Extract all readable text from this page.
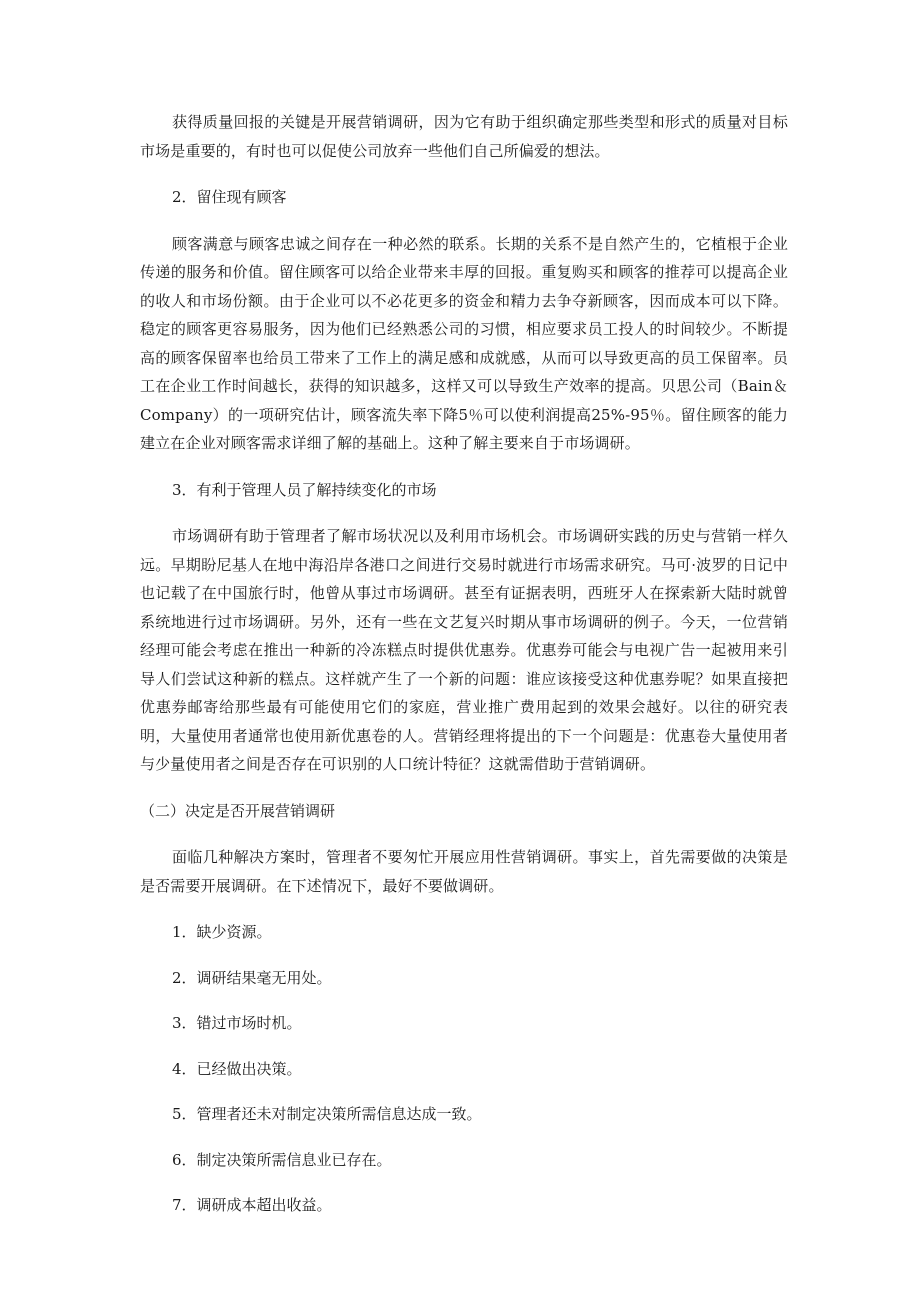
获得质量回报的关键是开展营销调研，因为它有助于组织确定那些类型和形式的质量对目标市场是重要的，有时也可以促使公司放弃一些他们自己所偏爱的想法。

2．留住现有顾客

顾客满意与顾客忠诚之间存在一种必然的联系。长期的关系不是自然产生的，它植根于企业传递的服务和价值。留住顾客可以给企业带来丰厚的回报。重复购买和顾客的推荐可以提高企业的收人和市场份额。由于企业可以不必花更多的资金和精力去争夺新顾客，因而成本可以下降。稳定的顾客更容易服务，因为他们已经熟悉公司的习惯，相应要求员工投人的时间较少。不断提高的顾客保留率也给员工带来了工作上的满足感和成就感，从而可以导致更高的员工保留率。员工在企业工作时间越长，获得的知识越多，这样又可以导致生产效率的提高。贝思公司（Bain＆Company）的一项研究估计，顾客流失率下降5％可以使利润提高25%-95％。留住顾客的能力建立在企业对顾客需求详细了解的基础上。这种了解主要来自于市场调研。

3．有利于管理人员了解持续变化的市场

市场调研有助于管理者了解市场状况以及利用市场机会。市场调研实践的历史与营销一样久远。早期盼尼基人在地中海沿岸各港口之间进行交易时就进行市场需求研究。马可·波罗的日记中也记载了在中国旅行时，他曾从事过市场调研。甚至有证据表明，西班牙人在探索新大陆时就曾系统地进行过市场调研。另外，还有一些在文艺复兴时期从事市场调研的例子。今天，一位营销经理可能会考虑在推出一种新的冷冻糕点时提供优惠券。优惠券可能会与电视广告一起被用来引导人们尝试这种新的糕点。这样就产生了一个新的问题：谁应该接受这种优惠券呢？如果直接把优惠券邮寄给那些最有可能使用它们的家庭，营业推广费用起到的效果会越好。以往的研究表明，大量使用者通常也使用新优惠卷的人。营销经理将提出的下一个问题是：优惠卷大量使用者与少量使用者之间是否存在可识别的人口统计特征？这就需借助于营销调研。

（二）决定是否开展营销调研

面临几种解决方案时，管理者不要匆忙开展应用性营销调研。事实上，首先需要做的决策是是否需要开展调研。在下述情况下，最好不要做调研。

1．缺少资源。

2．调研结果毫无用处。

3．错过市场时机。

4．已经做出决策。

5．管理者还未对制定决策所需信息达成一致。

6．制定决策所需信息业已存在。

7．调研成本超出收益。
